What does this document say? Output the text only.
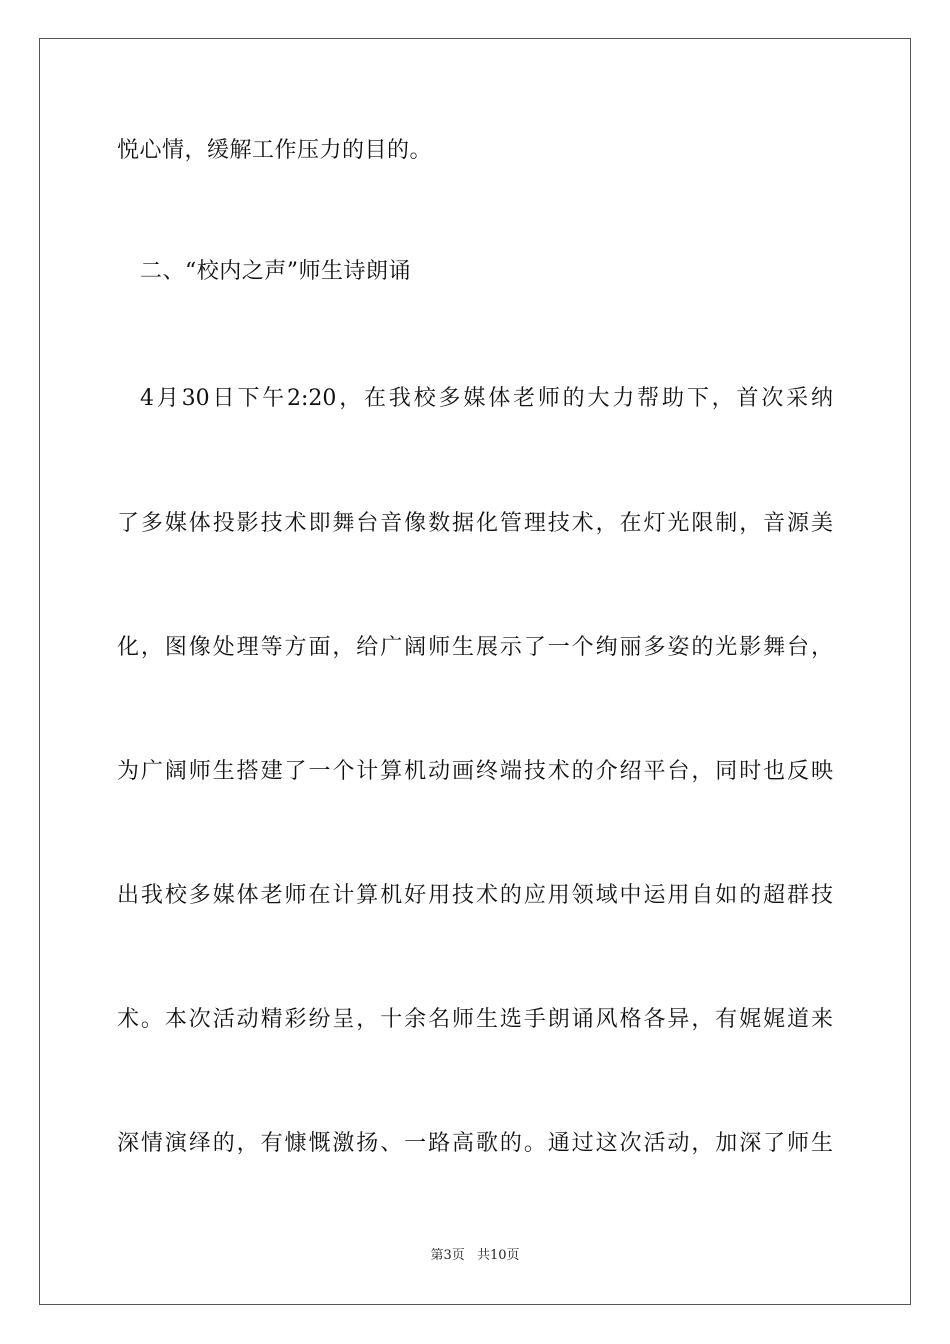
悦心情，缓解工作压力的目的。
二、“校内之声”师生诗朗诵
4月30日下午2:20，在我校多媒体老师的大力帮助下，首次采纳
了多媒体投影技术即舞台音像数据化管理技术，在灯光限制，音源美
化，图像处理等方面，给广阔师生展示了一个绚丽多姿的光影舞台，
为广阔师生搭建了一个计算机动画终端技术的介绍平台，同时也反映
出我校多媒体老师在计算机好用技术的应用领域中运用自如的超群技
术。本次活动精彩纷呈，十余名师生选手朗诵风格各异，有娓娓道来
深情演绎的，有慷慨激扬、一路高歌的。通过这次活动，加深了师生
第3页 共10页
